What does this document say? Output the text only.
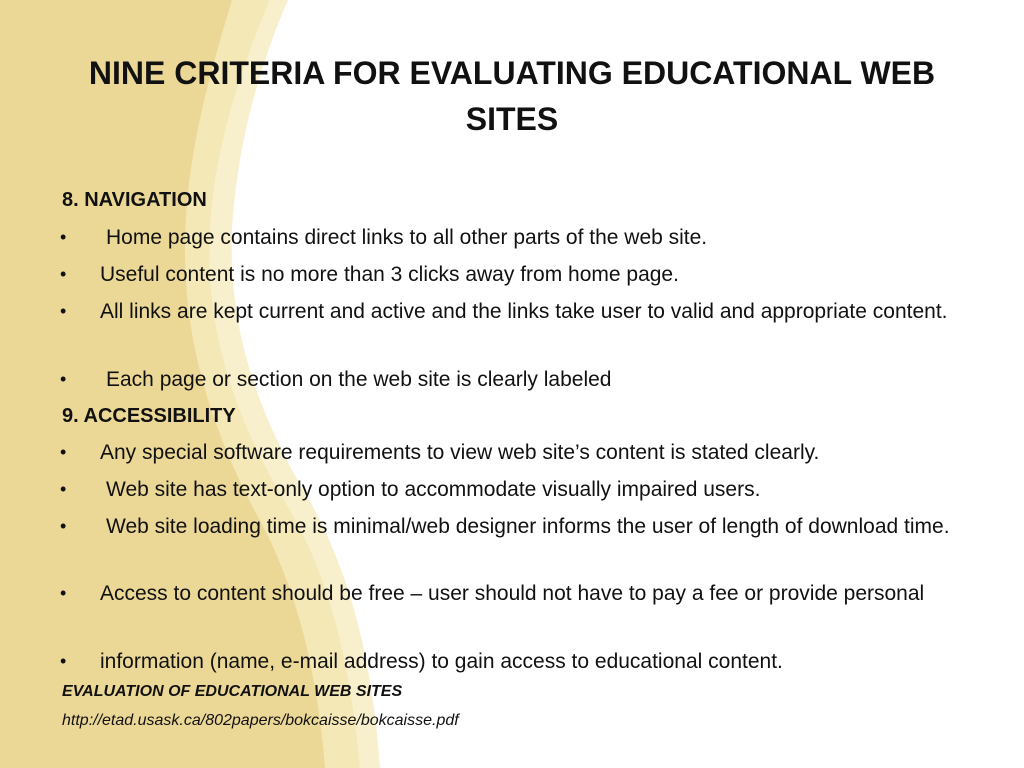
NINE CRITERIA FOR EVALUATING EDUCATIONAL WEB SITES
8. NAVIGATION
• Home page contains direct links to all other parts of the web site.
• Useful content is no more than 3 clicks away from home page.
• All links are kept current and active and the links take user to valid and appropriate content.
• Each page or section on the web site is clearly labeled
9. ACCESSIBILITY
• Any special software requirements to view web site’s content is stated clearly.
• Web site has text-only option to accommodate visually impaired users.
• Web site loading time is minimal/web designer informs the user of length of download time.
• Access to content should be free – user should not have to pay a fee or provide personal
• information (name, e-mail address) to gain access to educational content.
EVALUATION OF EDUCATIONAL WEB SITES
http://etad.usask.ca/802papers/bokcaisse/bokcaisse.pdf
